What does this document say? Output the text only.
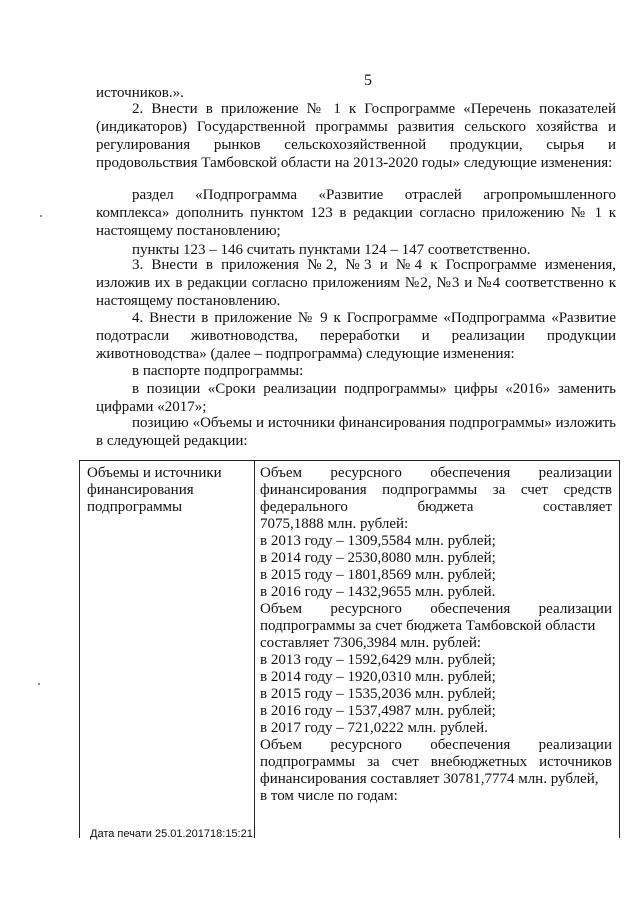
5

источников.».

2. Внести в приложение № 1 к Госпрограмме «Перечень показателей (индикаторов) Государственной программы развития сельского хозяйства и регулирования рынков сельскохозяйственной продукции, сырья и продовольствия Тамбовской области на 2013-2020 годы» следующие изменения:

раздел «Подпрограмма «Развитие отраслей агропромышленного комплекса» дополнить пунктом 123 в редакции согласно приложению № 1 к настоящему постановлению;

пункты 123 – 146 считать пунктами 124 – 147 соответственно.

3. Внести в приложения №2, №3 и №4 к Госпрограмме изменения, изложив их в редакции согласно приложениям №2, №3 и №4 соответственно к настоящему постановлению.

4. Внести в приложение № 9 к Госпрограмме «Подпрограмма «Развитие подотрасли животноводства, переработки и реализации продукции животноводства» (далее – подпрограмма) следующие изменения:

в паспорте подпрограммы:

в позиции «Сроки реализации подпрограммы» цифры «2016» заменить цифрами «2017»;

позицию «Объемы и источники финансирования подпрограммы» изложить в следующей редакции:

Объемы и источники финансирования подпрограммы
Объем ресурсного обеспечения реализации
финансирования подпрограммы за счет средств
федерального бюджета составляет
7075,1888 млн. рублей:
в 2013 году – 1309,5584 млн. рублей;
в 2014 году – 2530,8080 млн. рублей;
в 2015 году – 1801,8569 млн. рублей;
в 2016 году – 1432,9655 млн. рублей.
Объем ресурсного обеспечения реализации
подпрограммы за счет бюджета Тамбовской области
составляет 7306,3984 млн. рублей:
в 2013 году – 1592,6429 млн. рублей;
в 2014 году – 1920,0310 млн. рублей;
в 2015 году – 1535,2036 млн. рублей;
в 2016 году – 1537,4987 млн. рублей;
в 2017 году – 721,0222 млн. рублей.
Объем ресурсного обеспечения реализации
подпрограммы за счет внебюджетных источников
финансирования составляет 30781,7774 млн. рублей,
в том числе по годам:
Дата печати 25.01.201718:15:21
